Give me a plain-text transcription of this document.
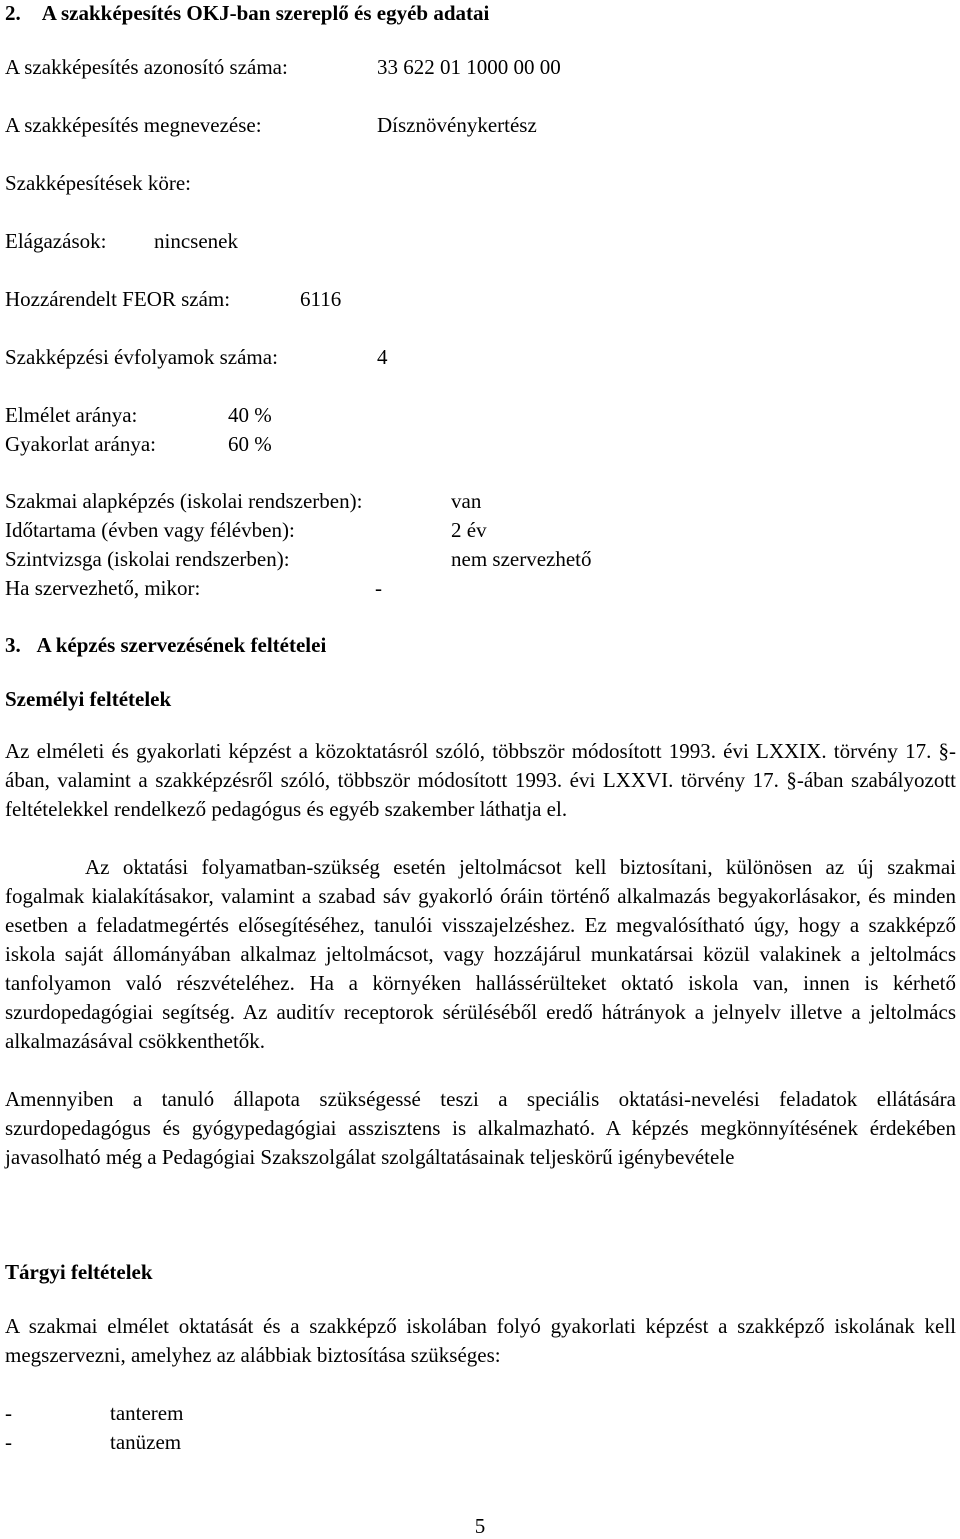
2.    A szakképesítés OKJ-ban szereplő és egyéb adatai
A szakképesítés azonosító száma:	33 622 01 1000 00 00
A szakképesítés megnevezése:	Dísznövénykertész
Szakképesítések köre:
Elágazások: nincsenek
Hozzárendelt FEOR szám:	6116
Szakképzési évfolyamok száma:	4
Elmélet aránya:	40 %
Gyakorlat aránya:	60 %
Szakmai alapképzés (iskolai rendszerben):	van
Időtartama (évben vagy félévben):	2 év
Szintvizsga (iskolai rendszerben):	nem szervezhető
Ha szervezhető, mikor:	-
3.   A képzés szervezésének feltételei
Személyi feltételek

Az elméleti és gyakorlati képzést a közoktatásról szóló, többször módosított 1993. évi LXXIX. törvény 17. §-ában, valamint a szakképzésről szóló, többször módosított 1993. évi LXXVI. törvény 17. §-ában szabályozott feltételekkel rendelkező pedagógus és egyéb szakember láthatja el.

Az oktatási folyamatban-szükség esetén jeltolmácsot kell biztosítani, különösen az új szakmai fogalmak kialakításakor, valamint a szabad sáv gyakorló óráin történő alkalmazás begyakorlásakor, és minden esetben a feladatmegértés elősegítéséhez, tanulói visszajelzéshez. Ez megvalósítható úgy, hogy a szakképző iskola saját állományában alkalmaz jeltolmácsot, vagy hozzájárul munkatársai közül valakinek a jeltolmács tanfolyamon való részvételéhez. Ha a környéken hallássérülteket oktató iskola van, innen is kérhető szurdopedagógiai segítség. Az auditív receptorok sérüléséből eredő hátrányok a jelnyelv illetve a jeltolmács alkalmazásával csökkenthetők.

Amennyiben a tanuló állapota szükségessé teszi a speciális oktatási-nevelési feladatok ellátására szurdopedagógus és gyógypedagógiai asszisztens is alkalmazható. A képzés megkönnyítésének érdekében javasolható még a Pedagógiai Szakszolgálat szolgáltatásainak teljeskörű igénybevétele

Tárgyi feltételek

A szakmai elmélet oktatását és a szakképző iskolában folyó gyakorlati képzést a szakképző iskolának kell megszervezni, amelyhez az alábbiak biztosítása szükséges:

-	tanterem
-	tanüzem
5
